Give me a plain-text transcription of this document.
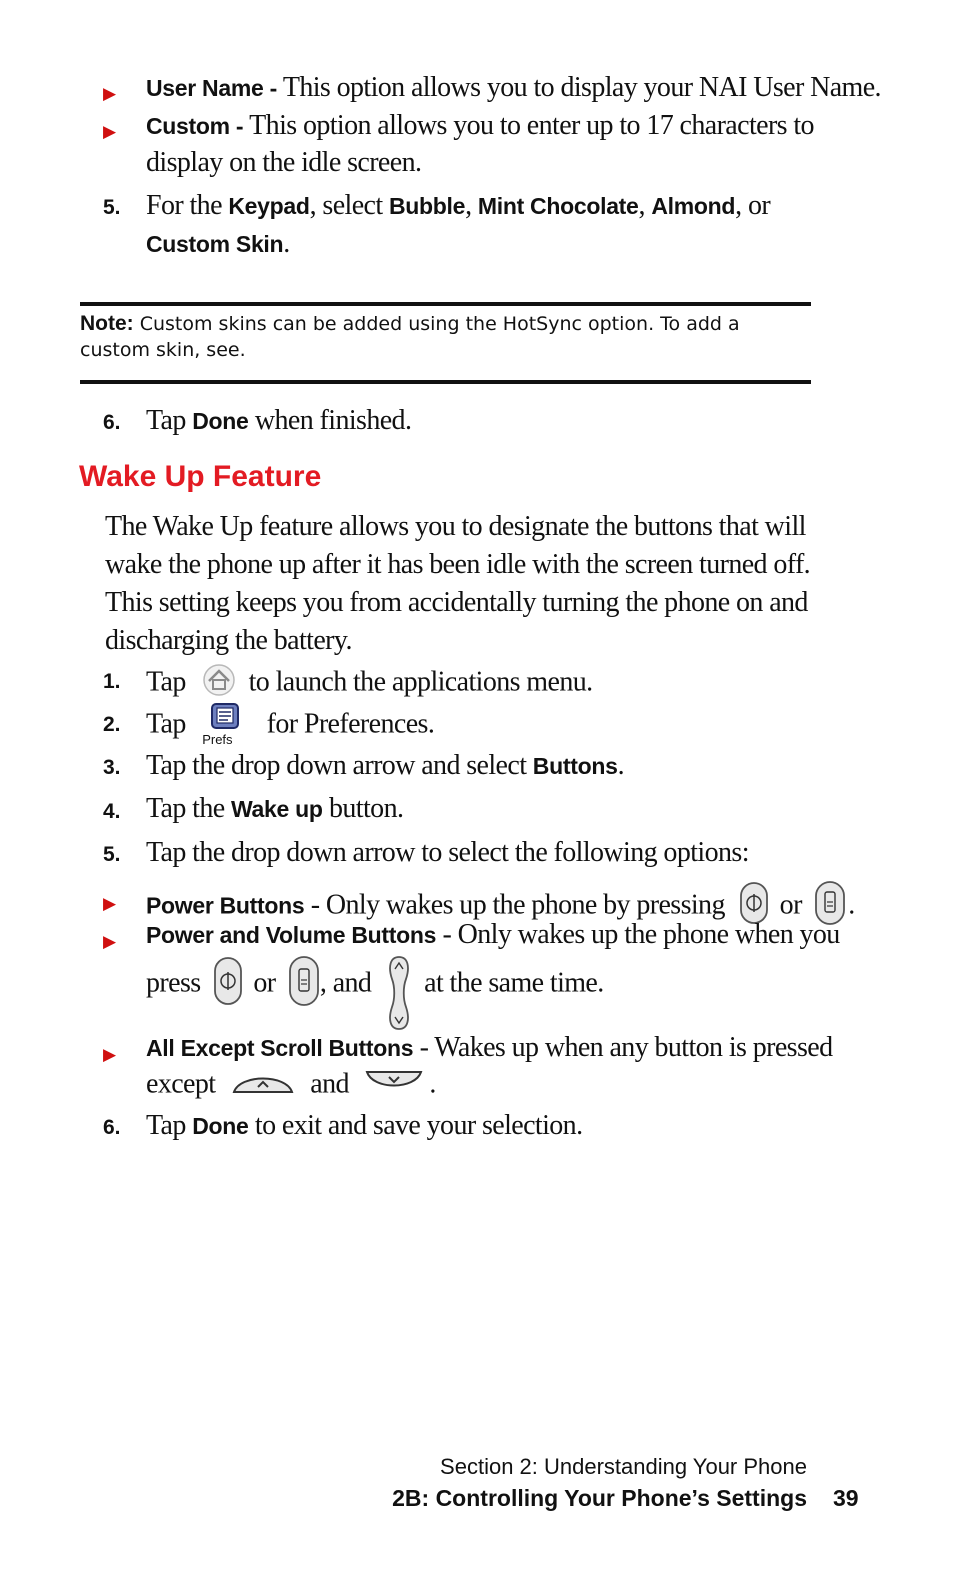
▶ User Name - This option allows you to display your NAI User Name.
▶ Custom - This option allows you to enter up to 17 characters to
display on the idle screen.
5. For the Keypad, select Bubble, Mint Chocolate, Almond, or
Custom Skin.
Note: Custom skins can be added using the HotSync option. To add a custom skin, see.
6. Tap Done when finished.
Wake Up Feature
The Wake Up feature allows you to designate the buttons that will wake the phone up after it has been idle with the screen turned off. This setting keeps you from accidentally turning the phone on and discharging the battery.
1. Tap to launch the applications menu.
2. Tap
Prefs
for Preferences.
3. Tap the drop down arrow and select Buttons.
4. Tap the Wake up button.
5. Tap the drop down arrow to select the following options:
▶ Power Buttons - Only wakes up the phone by pressing or .
▶ Power and Volume Buttons - Only wakes up the phone when you
press or , and at the same time.
▶ All Except Scroll Buttons - Wakes up when any button is pressed
except	and	.
6. Tap Done to exit and save your selection.
Section 2: Understanding Your Phone
2B: Controlling Your Phone’s Settings 39
